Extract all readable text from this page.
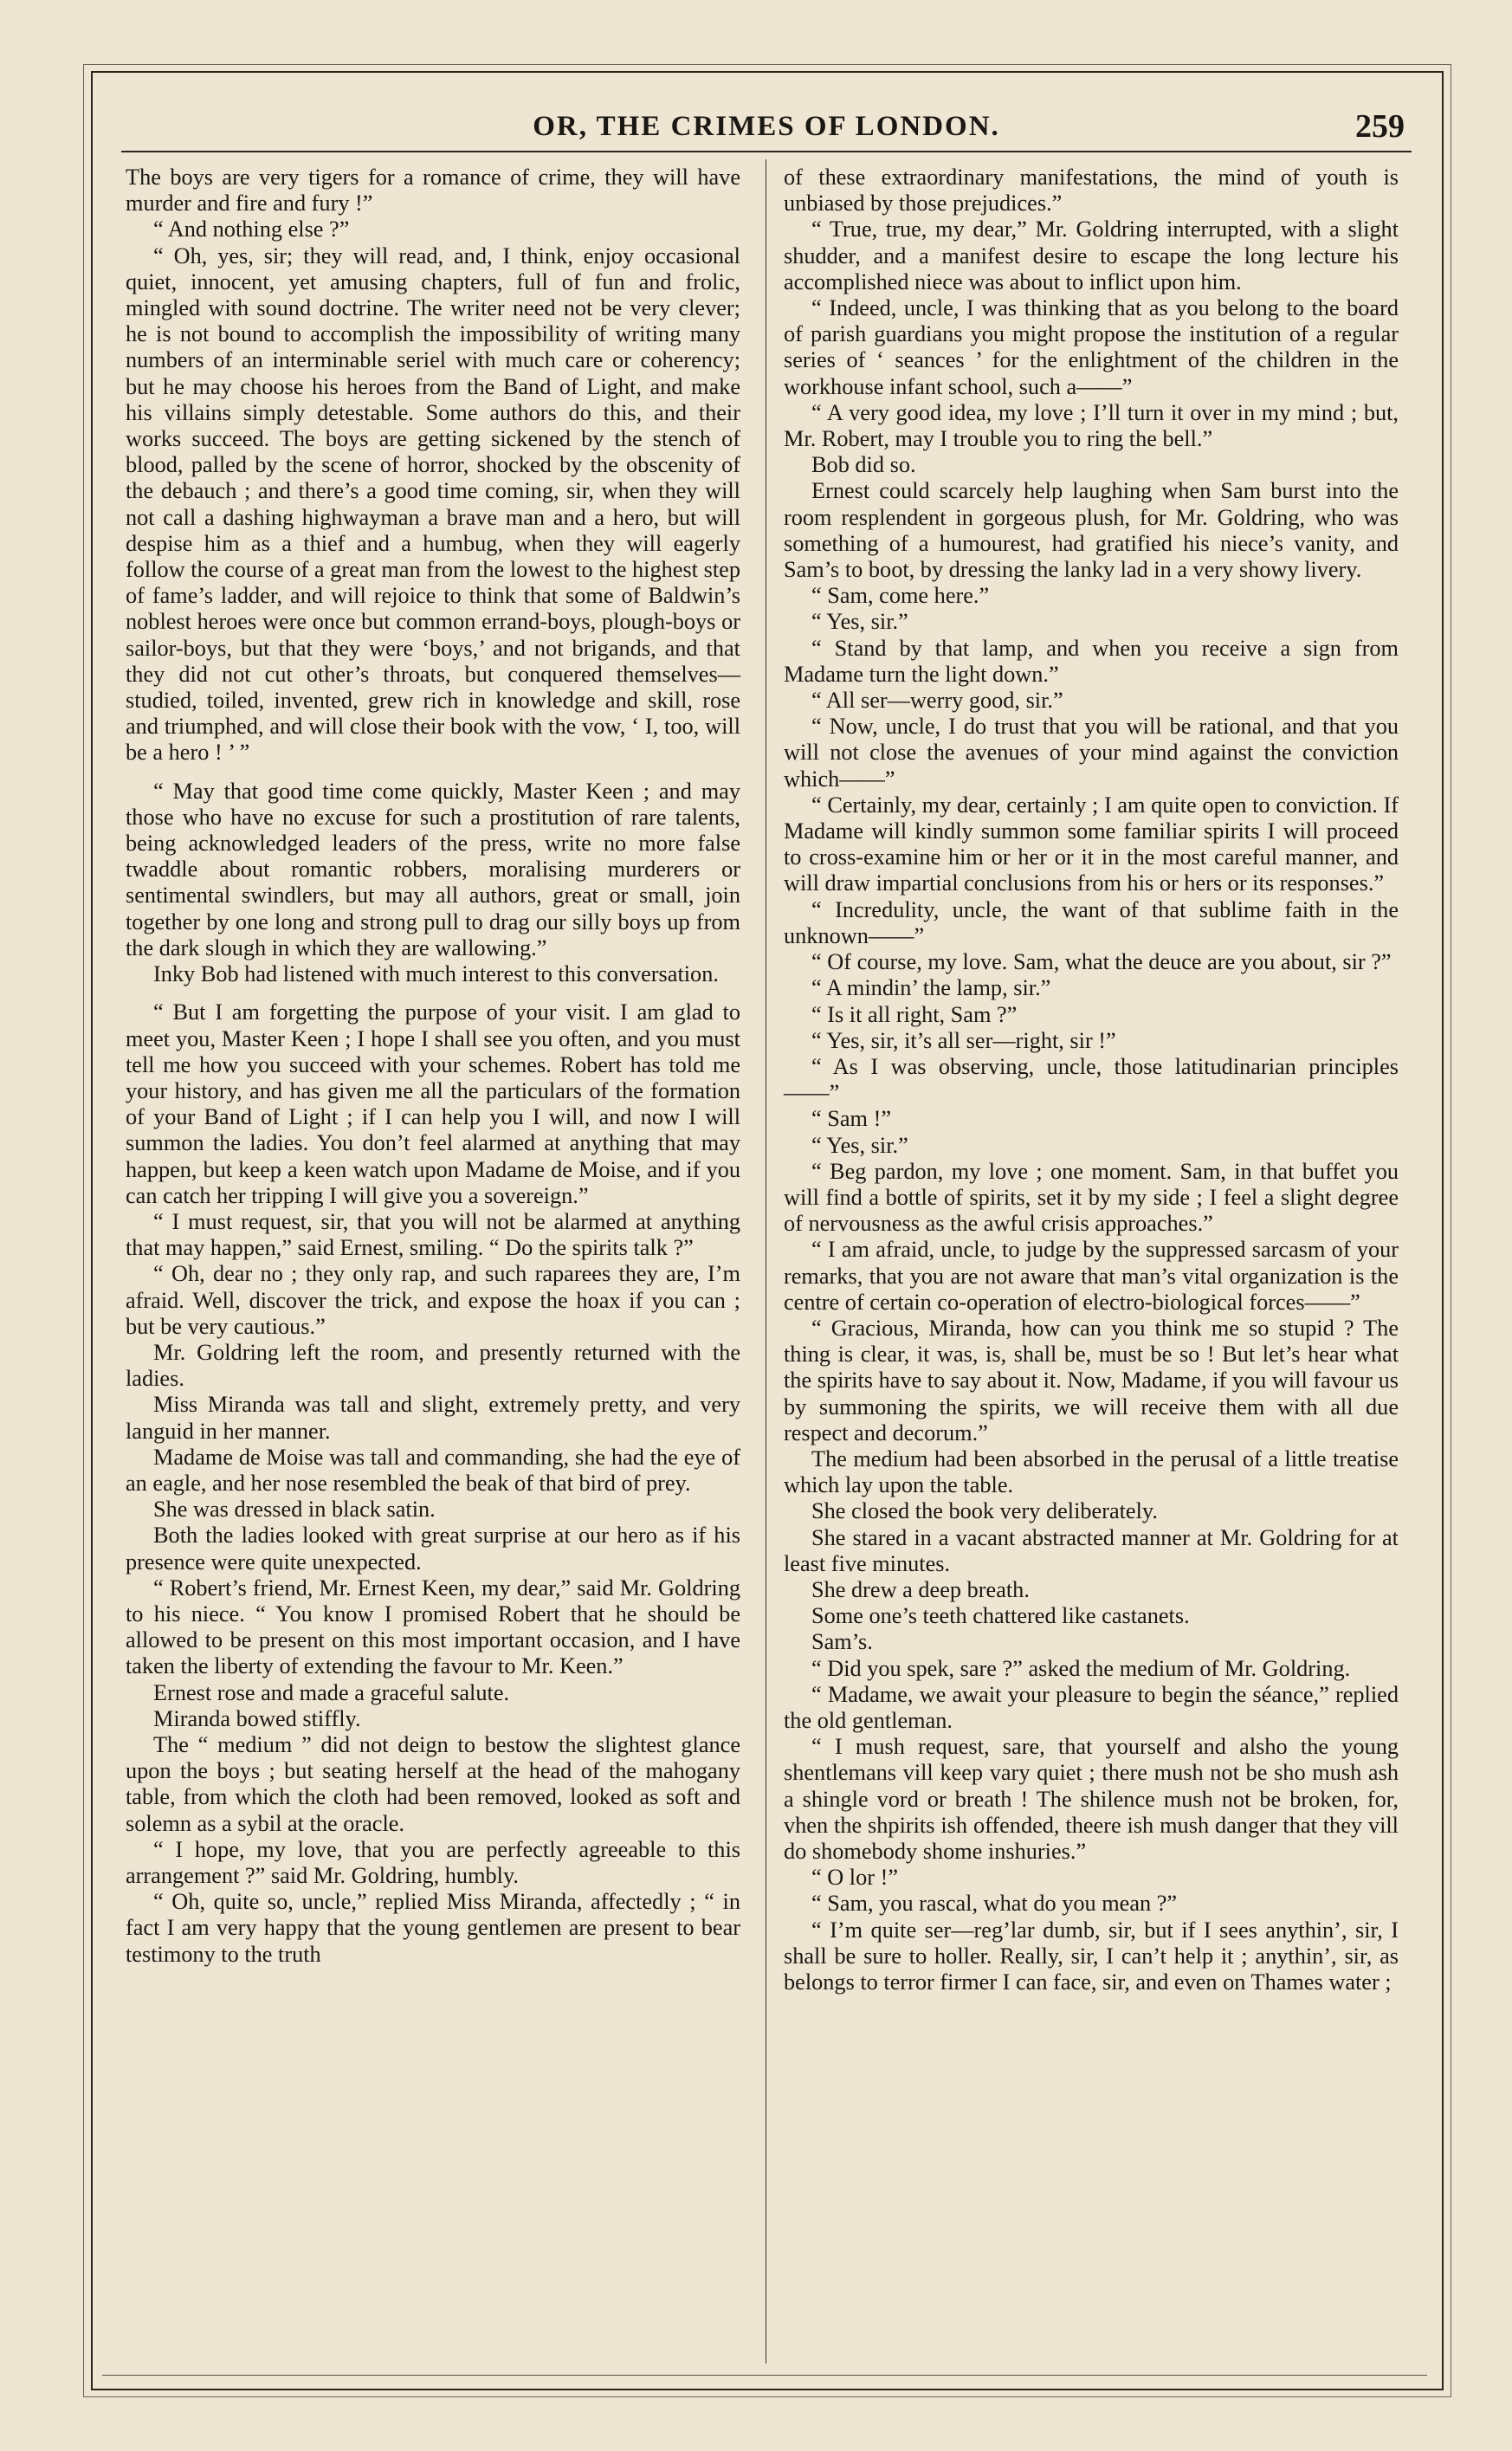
OR, THE CRIMES OF LONDON.	259

The boys are very tigers for a romance of crime, they will have murder and fire and fury !”

“ And nothing else ?”

“ Oh, yes, sir; they will read, and, I think, enjoy occasional quiet, innocent, yet amusing chapters, full of fun and frolic, mingled with sound doctrine. The writer need not be very clever; he is not bound to accomplish the impossibility of writing many numbers of an interminable seriel with much care or coherency; but he may choose his heroes from the Band of Light, and make his villains simply detestable. Some authors do this, and their works succeed. The boys are getting sickened by the stench of blood, palled by the scene of horror, shocked by the obscenity of the debauch ; and there’s a good time coming, sir, when they will not call a dashing highwayman a brave man and a hero, but will despise him as a thief and a humbug, when they will eagerly follow the course of a great man from the lowest to the highest step of fame’s ladder, and will rejoice to think that some of Baldwin’s noblest heroes were once but common errand-boys, plough-boys or sailor-boys, but that they were ‘boys,’ and not brigands, and that they did not cut other’s throats, but conquered themselves—studied, toiled, invented, grew rich in knowledge and skill, rose and triumphed, and will close their book with the vow, ‘ I, too, will be a hero ! ’ ”

“ May that good time come quickly, Master Keen ; and may those who have no excuse for such a prostitution of rare talents, being acknowledged leaders of the press, write no more false twaddle about romantic robbers, moralising murderers or sentimental swindlers, but may all authors, great or small, join together by one long and strong pull to drag our silly boys up from the dark slough in which they are wallowing.”

Inky Bob had listened with much interest to this conversation.

“ But I am forgetting the purpose of your visit. I am glad to meet you, Master Keen ; I hope I shall see you often, and you must tell me how you succeed with your schemes. Robert has told me your history, and has given me all the particulars of the formation of your Band of Light ; if I can help you I will, and now I will summon the ladies. You don’t feel alarmed at anything that may happen, but keep a keen watch upon Madame de Moise, and if you can catch her tripping I will give you a sovereign.”

“ I must request, sir, that you will not be alarmed at anything that may happen,” said Ernest, smiling. “ Do the spirits talk ?”

“ Oh, dear no ; they only rap, and such raparees they are, I’m afraid. Well, discover the trick, and expose the hoax if you can ; but be very cautious.”

Mr. Goldring left the room, and presently returned with the ladies.

Miss Miranda was tall and slight, extremely pretty, and very languid in her manner.

Madame de Moise was tall and commanding, she had the eye of an eagle, and her nose resembled the beak of that bird of prey.

She was dressed in black satin.

Both the ladies looked with great surprise at our hero as if his presence were quite unexpected.

“ Robert’s friend, Mr. Ernest Keen, my dear,” said Mr. Goldring to his niece. “ You know I promised Robert that he should be allowed to be present on this most important occasion, and I have taken the liberty of extending the favour to Mr. Keen.”

Ernest rose and made a graceful salute.

Miranda bowed stiffly.

The “ medium ” did not deign to bestow the slightest glance upon the boys ; but seating herself at the head of the mahogany table, from which the cloth had been removed, looked as soft and solemn as a sybil at the oracle.

“ I hope, my love, that you are perfectly agreeable to this arrangement ?” said Mr. Goldring, humbly.

“ Oh, quite so, uncle,” replied Miss Miranda, affectedly ; “ in fact I am very happy that the young gentlemen are present to bear testimony to the truth

of these extraordinary manifestations, the mind of youth is unbiased by those prejudices.”

“ True, true, my dear,” Mr. Goldring interrupted, with a slight shudder, and a manifest desire to escape the long lecture his accomplished niece was about to inflict upon him.

“ Indeed, uncle, I was thinking that as you belong to the board of parish guardians you might propose the institution of a regular series of ‘ seances ’ for the enlightment of the children in the workhouse infant school, such a——”

“ A very good idea, my love ; I’ll turn it over in my mind ; but, Mr. Robert, may I trouble you to ring the bell.”

Bob did so.

Ernest could scarcely help laughing when Sam burst into the room resplendent in gorgeous plush, for Mr. Goldring, who was something of a humourest, had gratified his niece’s vanity, and Sam’s to boot, by dressing the lanky lad in a very showy livery.

“ Sam, come here.”

“ Yes, sir.”

“ Stand by that lamp, and when you receive a sign from Madame turn the light down.”

“ All ser—werry good, sir.”

“ Now, uncle, I do trust that you will be rational, and that you will not close the avenues of your mind against the conviction which——”

“ Certainly, my dear, certainly ; I am quite open to conviction. If Madame will kindly summon some familiar spirits I will proceed to cross-examine him or her or it in the most careful manner, and will draw impartial conclusions from his or hers or its responses.”

“ Incredulity, uncle, the want of that sublime faith in the unknown——”

“ Of course, my love. Sam, what the deuce are you about, sir ?”

“ A mindin’ the lamp, sir.”

“ Is it all right, Sam ?”

“ Yes, sir, it’s all ser—right, sir !”

“ As I was observing, uncle, those latitudinarian principles——”

“ Sam !”

“ Yes, sir.”

“ Beg pardon, my love ; one moment. Sam, in that buffet you will find a bottle of spirits, set it by my side ; I feel a slight degree of nervousness as the awful crisis approaches.”

“ I am afraid, uncle, to judge by the suppressed sarcasm of your remarks, that you are not aware that man’s vital organization is the centre of certain co-operation of electro-biological forces——”

“ Gracious, Miranda, how can you think me so stupid ? The thing is clear, it was, is, shall be, must be so ! But let’s hear what the spirits have to say about it. Now, Madame, if you will favour us by summoning the spirits, we will receive them with all due respect and decorum.”

The medium had been absorbed in the perusal of a little treatise which lay upon the table.

She closed the book very deliberately.

She stared in a vacant abstracted manner at Mr. Goldring for at least five minutes.

She drew a deep breath.

Some one’s teeth chattered like castanets.

Sam’s.

“ Did you spek, sare ?” asked the medium of Mr. Goldring.

“ Madame, we await your pleasure to begin the séance,” replied the old gentleman.

“ I mush request, sare, that yourself and alsho the young shentlemans vill keep vary quiet ; there mush not be sho mush ash a shingle vord or breath ! The shilence mush not be broken, for, vhen the shpirits ish offended, theere ish mush danger that they vill do shomebody shome inshuries.”

“ O lor !”

“ Sam, you rascal, what do you mean ?”

“ I’m quite ser—reg’lar dumb, sir, but if I sees anythin’, sir, I shall be sure to holler. Really, sir, I can’t help it ; anythin’, sir, as belongs to terror firmer I can face, sir, and even on Thames water ;
